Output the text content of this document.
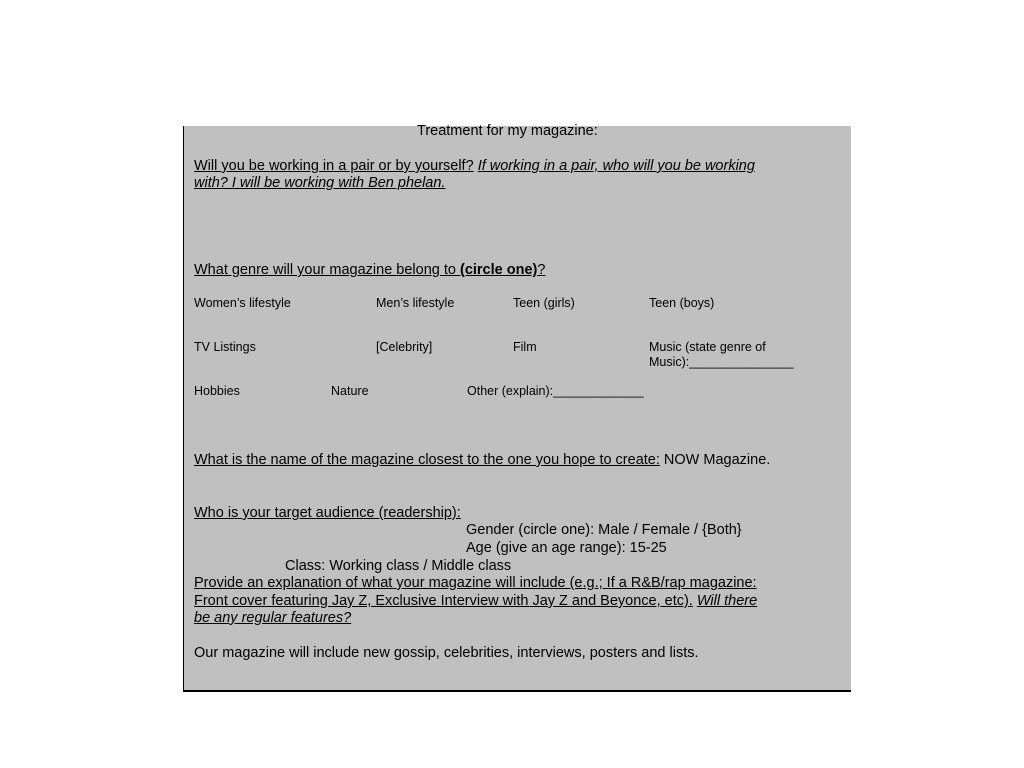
Treatment for my magazine:
Will you be working in a pair or by yourself? If working in a pair, who will you be working
with? I will be working with Ben phelan.
What genre will your magazine belong to (circle one)?
Women’s lifestyle	Men’s lifestyle	Teen (girls)	Teen (boys)
TV Listings	[Celebrity]	Film	Music (state genre of
Music):_______________
Hobbies	Nature	Other (explain):_____________
What is the name of the magazine closest to the one you hope to create: NOW Magazine.
Who is your target audience (readership):
Gender (circle one): Male / Female / {Both}
Age (give an age range): 15-25
Class: Working class / Middle class
Provide an explanation of what your magazine will include (e.g.; If a R&B/rap magazine:
Front cover featuring Jay Z, Exclusive Interview with Jay Z and Beyonce, etc). Will there
be any regular features?
Our magazine will include new gossip, celebrities, interviews, posters and lists.
